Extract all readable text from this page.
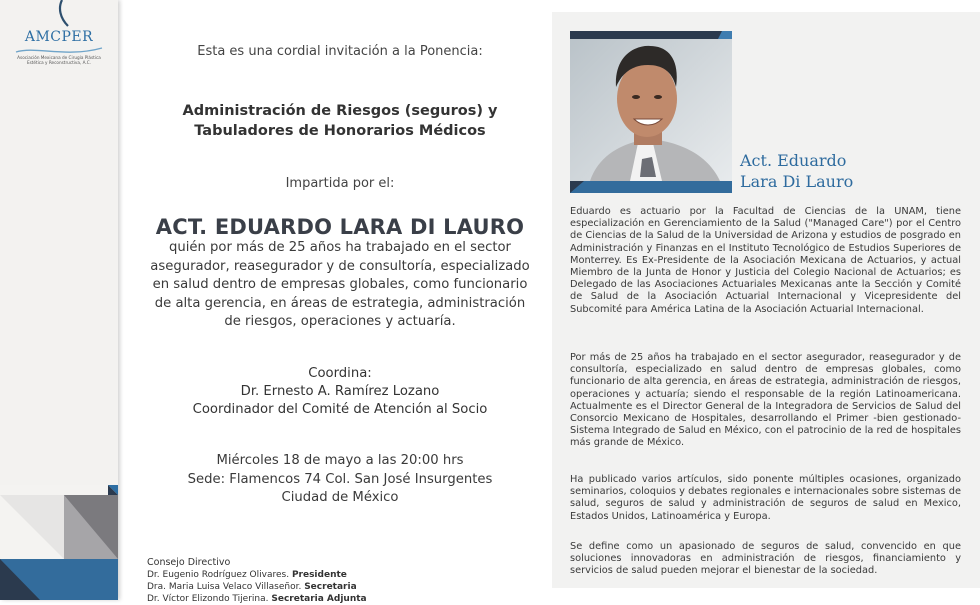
AMCPER
Asociación Mexicana de Cirugía Plástica
Estética y Reconstructiva, A.C.
Esta es una cordial invitación a la Ponencia:
Administración de Riesgos (seguros) y
Tabuladores de Honorarios Médicos
Impartida por el:
ACT. EDUARDO LARA DI LAURO
quién por más de 25 años ha trabajado en el sector
asegurador, reasegurador y de consultoría, especializado
en salud dentro de empresas globales, como funcionario
de alta gerencia, en áreas de estrategia, administración
de riesgos, operaciones y actuaría.
Coordina:
Dr. Ernesto A. Ramírez Lozano
Coordinador del Comité de Atención al Socio
Miércoles 18 de mayo a las 20:00 hrs
Sede: Flamencos 74 Col. San José Insurgentes
Ciudad de México
Consejo Directivo
Dr. Eugenio Rodríguez Olivares. Presidente
Dra. Maria Luisa Velaco Villaseñor. Secretaria
Dr. Víctor Elizondo Tijerina. Secretaria Adjunta
Act. Eduardo
Lara Di Lauro
Eduardo es actuario por la Facultad de Ciencias de la UNAM, tiene especialización en Gerenciamiento de la Salud ("Managed Care") por el Centro de Ciencias de la Salud de la Universidad de Arizona y estudios de posgrado en Administración y Finanzas en el Instituto Tecnológico de Estudios Superiores de Monterrey. Es Ex-Presidente de la Asociación Mexicana de Actuarios, y actual Miembro de la Junta de Honor y Justicia del Colegio Nacional de Actuarios; es Delegado de las Asociaciones Actuariales Mexicanas ante la Sección y Comité de Salud de la Asociación Actuarial Internacional y Vicepresidente del Subcomité para América Latina de la Asociación Actuarial Internacional.
Por más de 25 años ha trabajado en el sector asegurador, reasegurador y de consultoría, especializado en salud dentro de empresas globales, como funcionario de alta gerencia, en áreas de estrategia, administración de riesgos, operaciones y actuaría; siendo el responsable de la región Latinoamericana. Actualmente es el Director General de la Integradora de Servicios de Salud del Consorcio Mexicano de Hospitales, desarrollando el Primer -bien gestionado- Sistema Integrado de Salud en México, con el patrocinio de la red de hospitales más grande de México.
Ha publicado varios artículos, sido ponente múltiples ocasiones, organizado seminarios, coloquios y debates regionales e internacionales sobre sistemas de salud, seguros de salud y administración de seguros de salud en Mexico, Estados Unidos, Latinoamérica y Europa.
Se define como un apasionado de seguros de salud, convencido en que soluciones innovadoras en administración de riesgos, financiamiento y servicios de salud pueden mejorar el bienestar de la sociedad.
